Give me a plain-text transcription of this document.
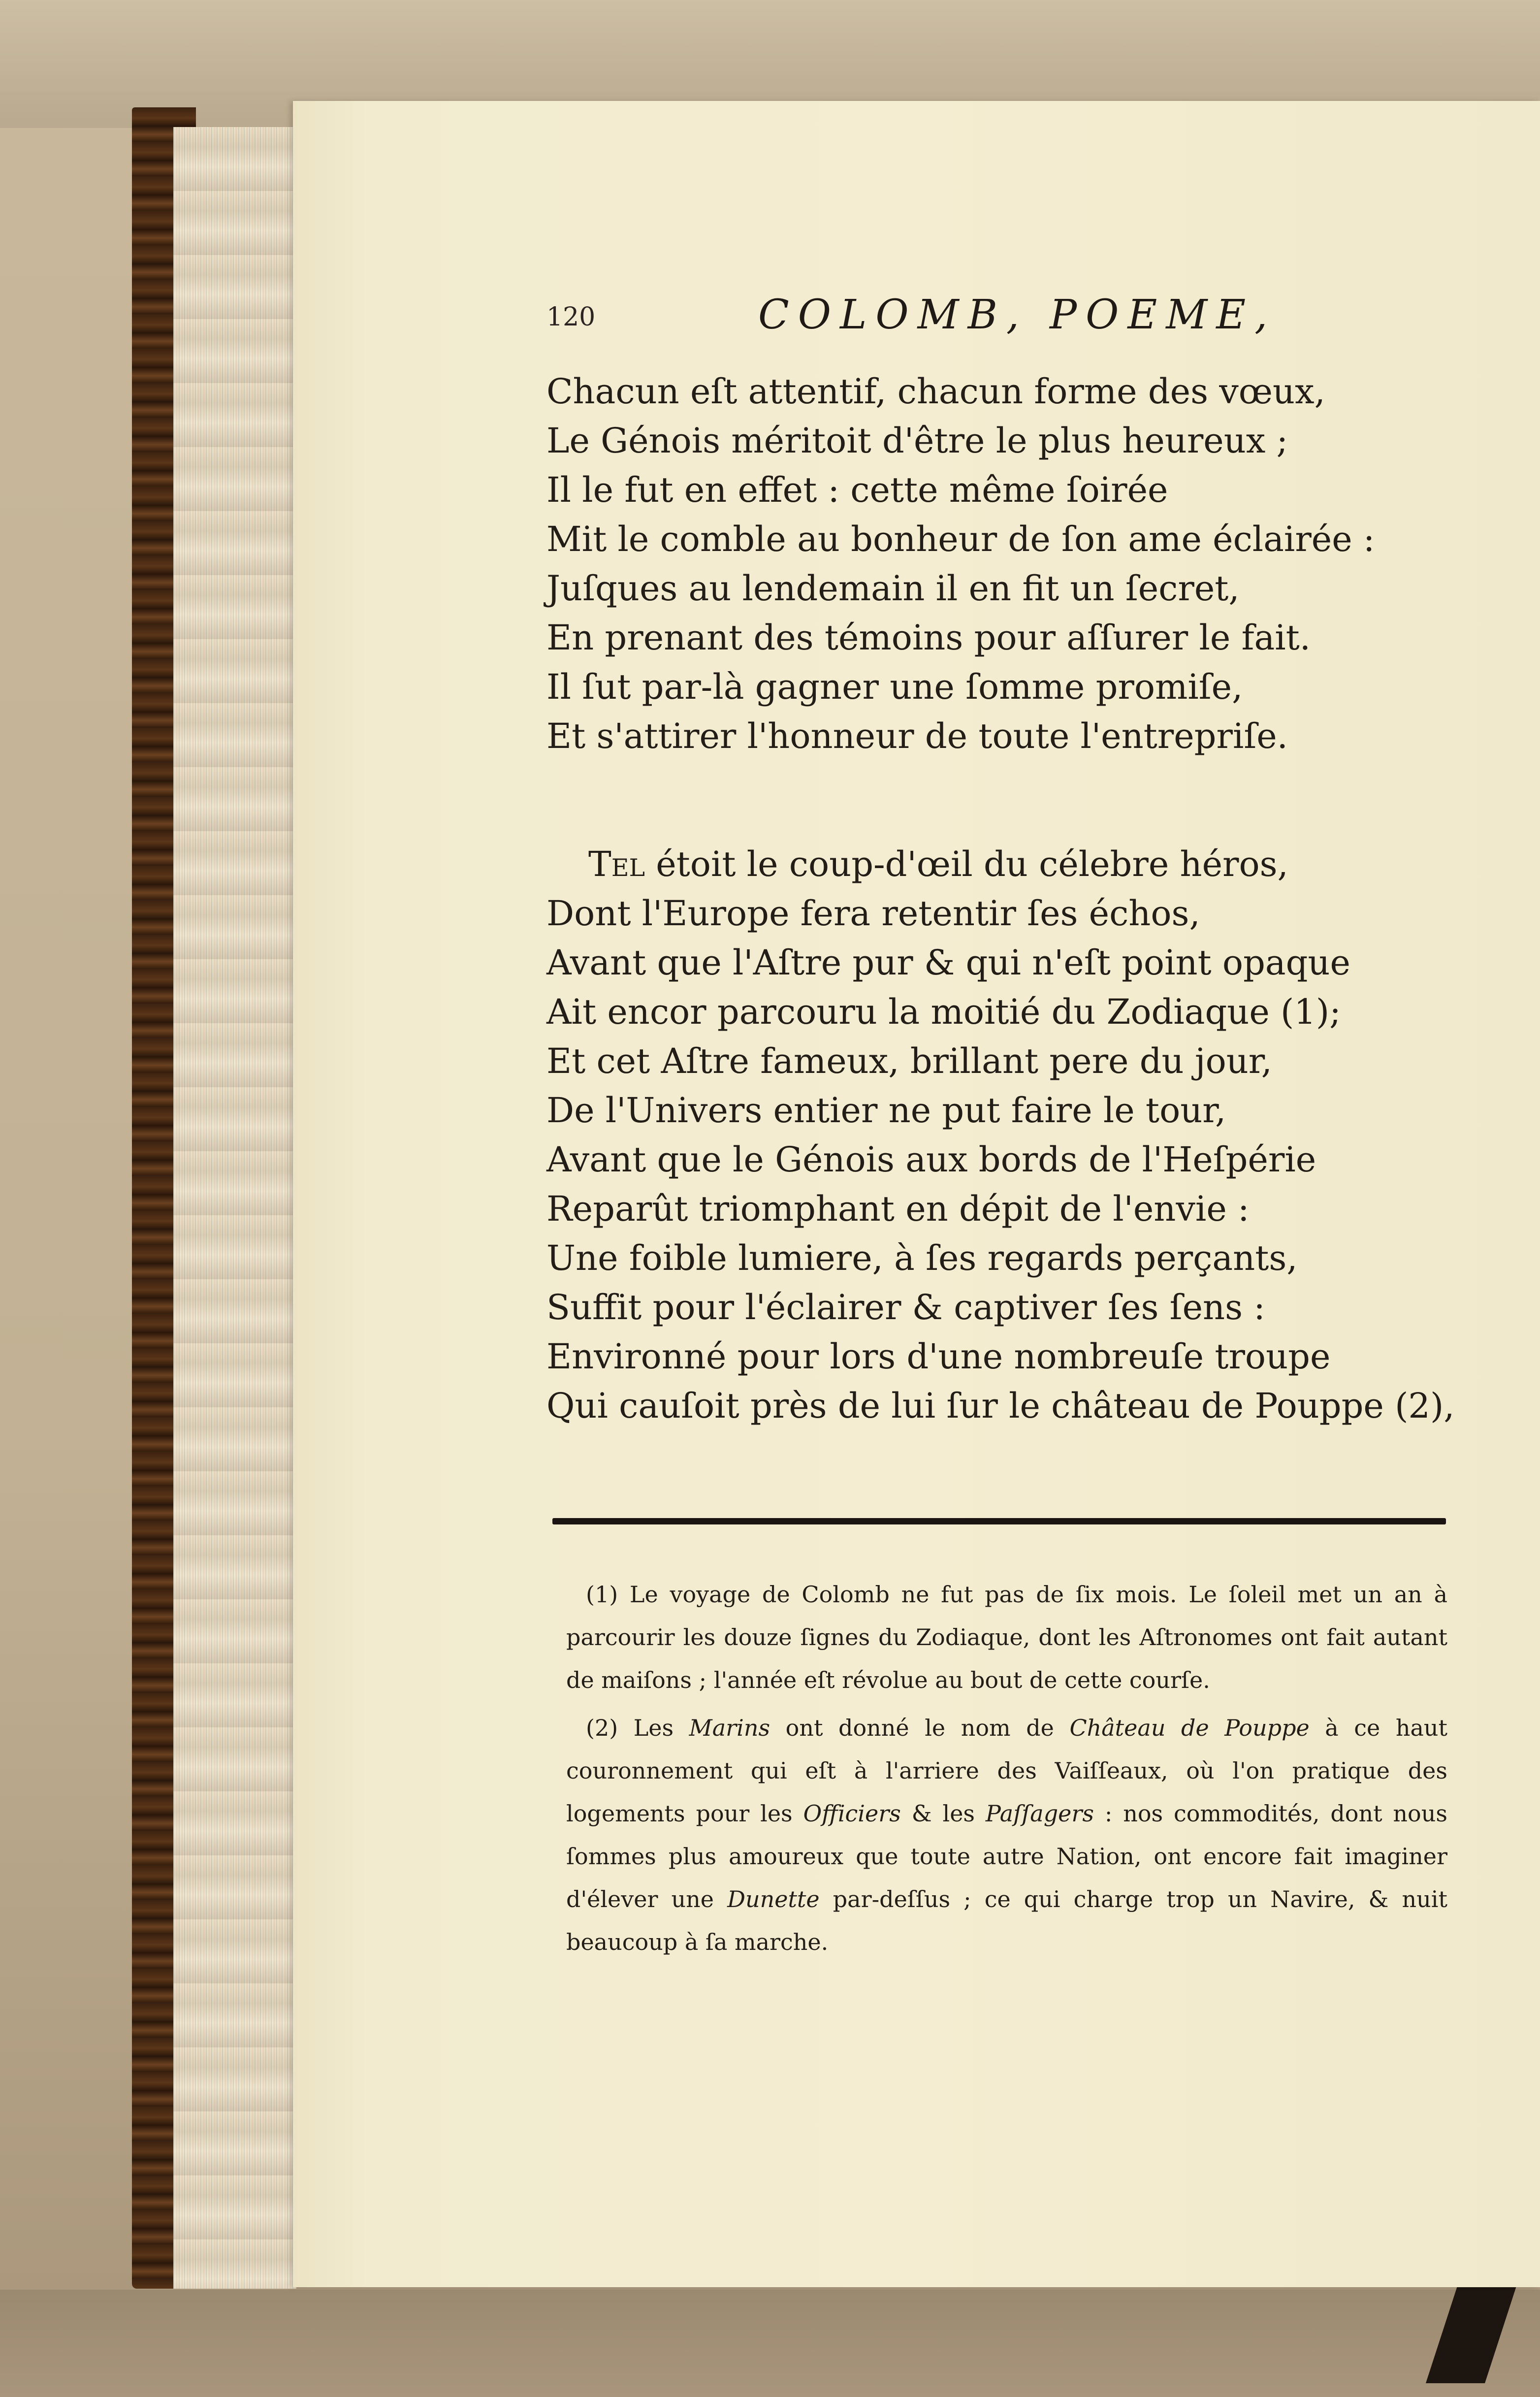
120	COLOMB, POEME,
Chacun eſt attentif, chacun forme des vœux,
Le Génois méritoit d'être le plus heureux ;
Il le fut en effet : cette même ſoirée
Mit le comble au bonheur de ſon ame éclairée :
Juſques au lendemain il en fit un ſecret,
En prenant des témoins pour aſſurer le fait.
Il ſut par-là gagner une ſomme promiſe,
Et s'attirer l'honneur de toute l'entrepriſe.
Tel étoit le coup-d'œil du célebre héros,
Dont l'Europe fera retentir ſes échos,
Avant que l'Aſtre pur & qui n'eſt point opaque
Ait encor parcouru la moitié du Zodiaque (1);
Et cet Aſtre fameux, brillant pere du jour,
De l'Univers entier ne put faire le tour,
Avant que le Génois aux bords de l'Heſpérie
Reparût triomphant en dépit de l'envie :
Une foible lumiere, à ſes regards perçants,
Suffit pour l'éclairer & captiver ſes ſens :
Environné pour lors d'une nombreuſe troupe
Qui cauſoit près de lui ſur le château de Pouppe (2),

(1) Le voyage de Colomb ne fut pas de ſix mois. Le ſoleil met un an à parcourir les douze ſignes du Zodiaque, dont les Aſtronomes ont fait autant de maiſons ; l'année eſt révolue au bout de cette courſe.

(2) Les Marins ont donné le nom de Château de Pouppe à ce haut couronnement qui eſt à l'arriere des Vaiſſeaux, où l'on pratique des logements pour les Officiers & les Paſſagers : nos commodités, dont nous ſommes plus amoureux que toute autre Nation, ont encore fait imaginer d'élever une Dunette par-deſſus ; ce qui charge trop un Navire, & nuit beaucoup à ſa marche.
